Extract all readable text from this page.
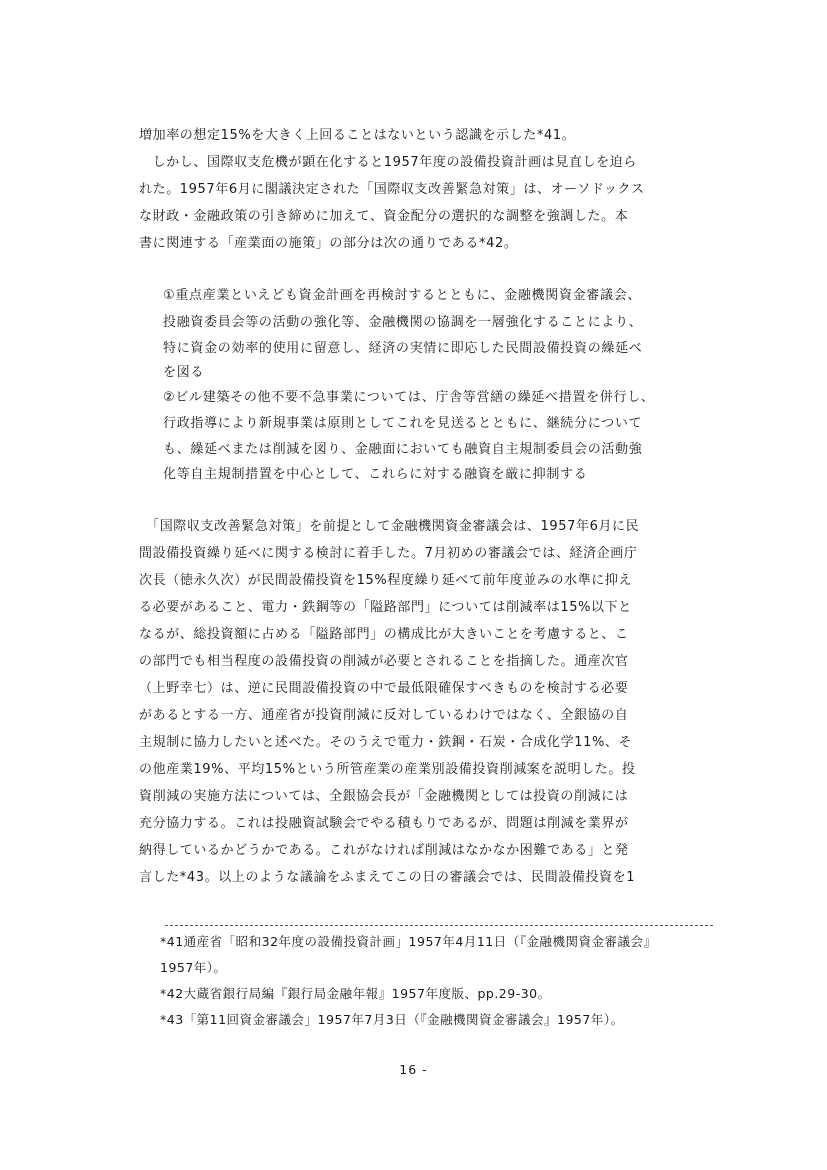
増加率の想定15%を大きく上回ることはないという認識を示した*41。
　しかし、国際収支危機が顕在化すると1957年度の設備投資計画は見直しを迫ら
れた。1957年6月に閣議決定された「国際収支改善緊急対策」は、オーソドックス
な財政・金融政策の引き締めに加えて、資金配分の選択的な調整を強調した。本
書に関連する「産業面の施策」の部分は次の通りである*42。
①重点産業といえども資金計画を再検討するとともに、金融機関資金審議会、
投融資委員会等の活動の強化等、金融機関の協調を一層強化することにより、
特に資金の効率的使用に留意し、経済の実情に即応した民間設備投資の繰延べ
を図る
②ビル建築その他不要不急事業については、庁舎等営繕の繰延べ措置を併行し、
行政指導により新規事業は原則としてこれを見送るとともに、継続分について
も、繰延べまたは削減を図り、金融面においても融資自主規制委員会の活動強
化等自主規制措置を中心として、これらに対する融資を厳に抑制する
　「国際収支改善緊急対策」を前提として金融機関資金審議会は、1957年6月に民
間設備投資繰り延べに関する検討に着手した。7月初めの審議会では、経済企画庁
次長（徳永久次）が民間設備投資を15%程度繰り延べて前年度並みの水準に抑え
る必要があること、電力・鉄鋼等の「隘路部門」については削減率は15%以下と
なるが、総投資額に占める「隘路部門」の構成比が大きいことを考慮すると、こ
の部門でも相当程度の設備投資の削減が必要とされることを指摘した。通産次官
（上野幸七）は、逆に民間設備投資の中で最低限確保すべきものを検討する必要
があるとする一方、通産省が投資削減に反対しているわけではなく、全銀協の自
主規制に協力したいと述べた。そのうえで電力・鉄鋼・石炭・合成化学11%、そ
の他産業19%、平均15%という所管産業の産業別設備投資削減案を説明した。投
資削減の実施方法については、全銀協会長が「金融機関としては投資の削減には
充分協力する。これは投融資試験会でやる積もりであるが、問題は削減を業界が
納得しているかどうかである。これがなければ削減はなかなか困難である」と発
言した*43。以上のような議論をふまえてこの日の審議会では、民間設備投資を1
*41通産省「昭和32年度の設備投資計画」1957年4月11日（『金融機関資金審議会』
1957年）。
*42大蔵省銀行局編『銀行局金融年報』1957年度版、pp.29-30。
*43「第11回資金審議会」1957年7月3日（『金融機関資金審議会』1957年）。
16 -
